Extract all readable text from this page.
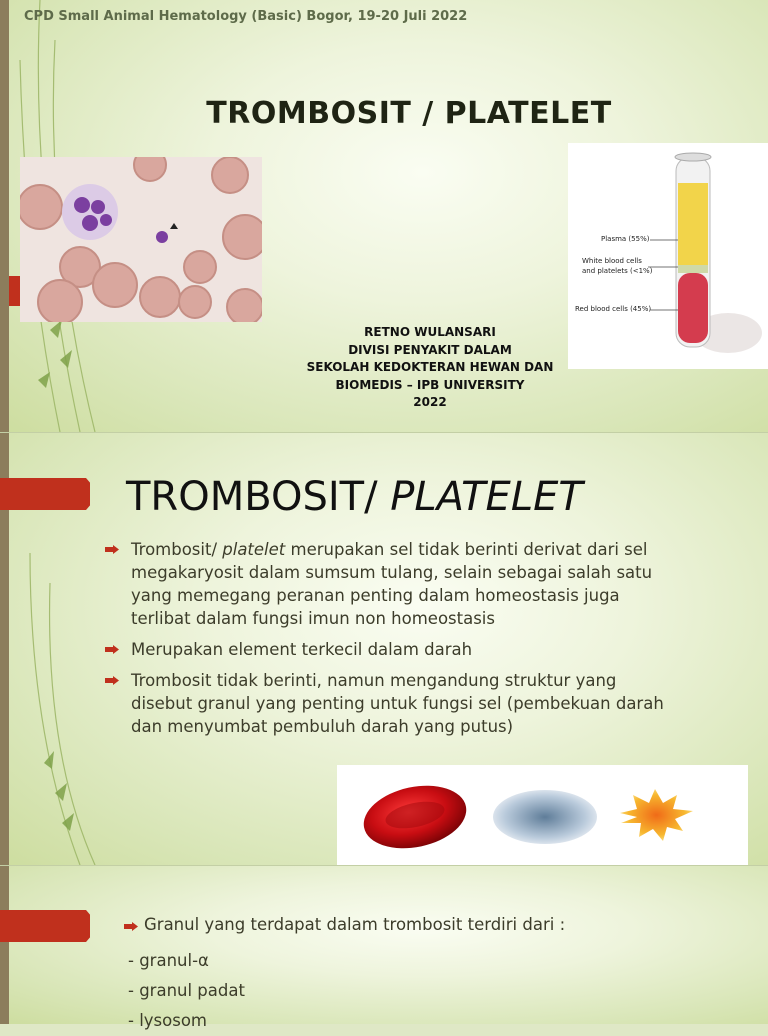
CPD Small Animal Hematology (Basic) Bogor, 19-20 Juli 2022
TROMBOSIT / PLATELET
Plasma (55%)
White blood cells
and platelets (<1%)
Red blood cells (45%)
RETNO WULANSARI
DIVISI PENYAKIT DALAM
SEKOLAH KEDOKTERAN HEWAN DAN
BIOMEDIS – IPB UNIVERSITY
2022
TROMBOSIT/ PLATELET
Trombosit/ platelet merupakan sel tidak berinti derivat dari sel megakaryosit dalam sumsum tulang, selain sebagai salah satu yang memegang peranan penting dalam homeostasis juga terlibat dalam fungsi imun non homeostasis
Merupakan element terkecil dalam darah
Trombosit tidak berinti, namun mengandung struktur yang disebut granul yang penting untuk fungsi sel (pembekuan darah dan menyumbat pembuluh darah yang putus)
Granul yang terdapat dalam trombosit terdiri dari :
- granul-α
- granul padat
- lysosom
